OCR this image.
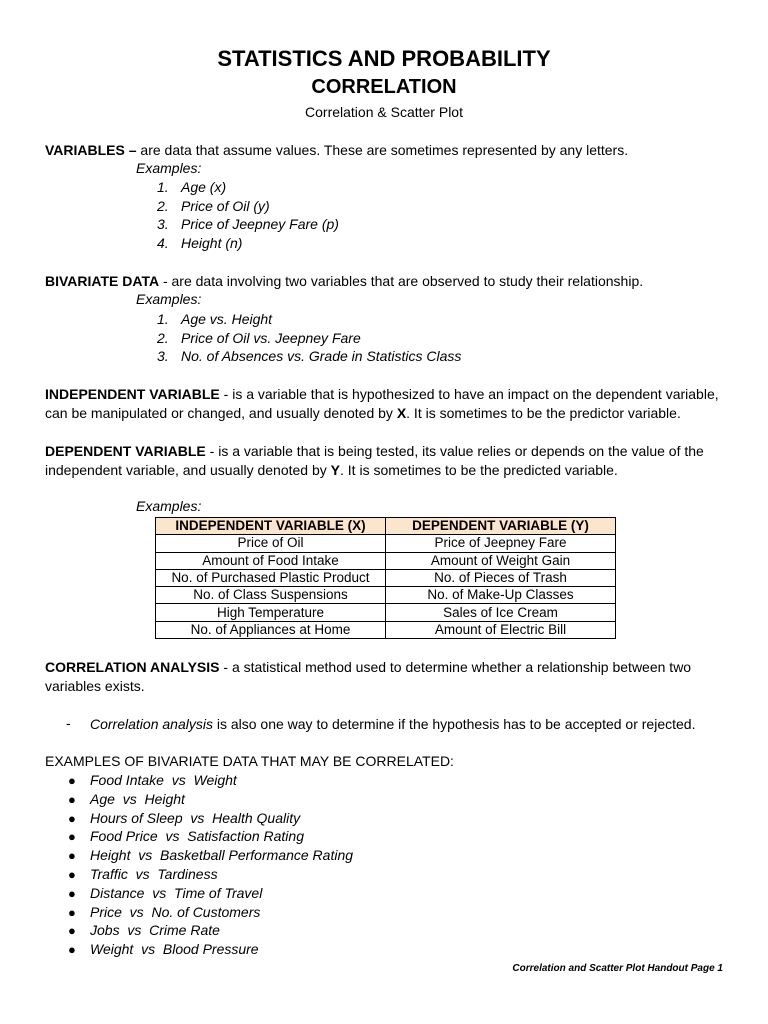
STATISTICS AND PROBABILITY
CORRELATION
Correlation & Scatter Plot
VARIABLES – are data that assume values. These are sometimes represented by any letters.
Examples:
1. Age (x)
2. Price of Oil (y)
3. Price of Jeepney Fare (p)
4. Height (n)
BIVARIATE DATA - are data involving two variables that are observed to study their relationship.
Examples:
1. Age vs. Height
2. Price of Oil vs. Jeepney Fare
3. No. of Absences vs. Grade in Statistics Class
INDEPENDENT VARIABLE - is a variable that is hypothesized to have an impact on the dependent variable, can be manipulated or changed, and usually denoted by X. It is sometimes to be the predictor variable.
DEPENDENT VARIABLE - is a variable that is being tested, its value relies or depends on the value of the independent variable, and usually denoted by Y. It is sometimes to be the predicted variable.
Examples:
INDEPENDENT VARIABLE (X)	DEPENDENT VARIABLE (Y)
Price of Oil	Price of Jeepney Fare
Amount of Food Intake	Amount of Weight Gain
No. of Purchased Plastic Product	No. of Pieces of Trash
No. of Class Suspensions	No. of Make-Up Classes
High Temperature	Sales of Ice Cream
No. of Appliances at Home	Amount of Electric Bill
CORRELATION ANALYSIS - a statistical method used to determine whether a relationship between two variables exists.
- Correlation analysis is also one way to determine if the hypothesis has to be accepted or rejected.
EXAMPLES OF BIVARIATE DATA THAT MAY BE CORRELATED:
● Food Intake  vs  Weight
● Age  vs  Height
● Hours of Sleep  vs  Health Quality
● Food Price  vs  Satisfaction Rating
● Height  vs  Basketball Performance Rating
● Traffic  vs  Tardiness
● Distance  vs  Time of Travel
● Price  vs  No. of Customers
● Jobs  vs  Crime Rate
● Weight  vs  Blood Pressure
Correlation and Scatter Plot Handout Page 1
